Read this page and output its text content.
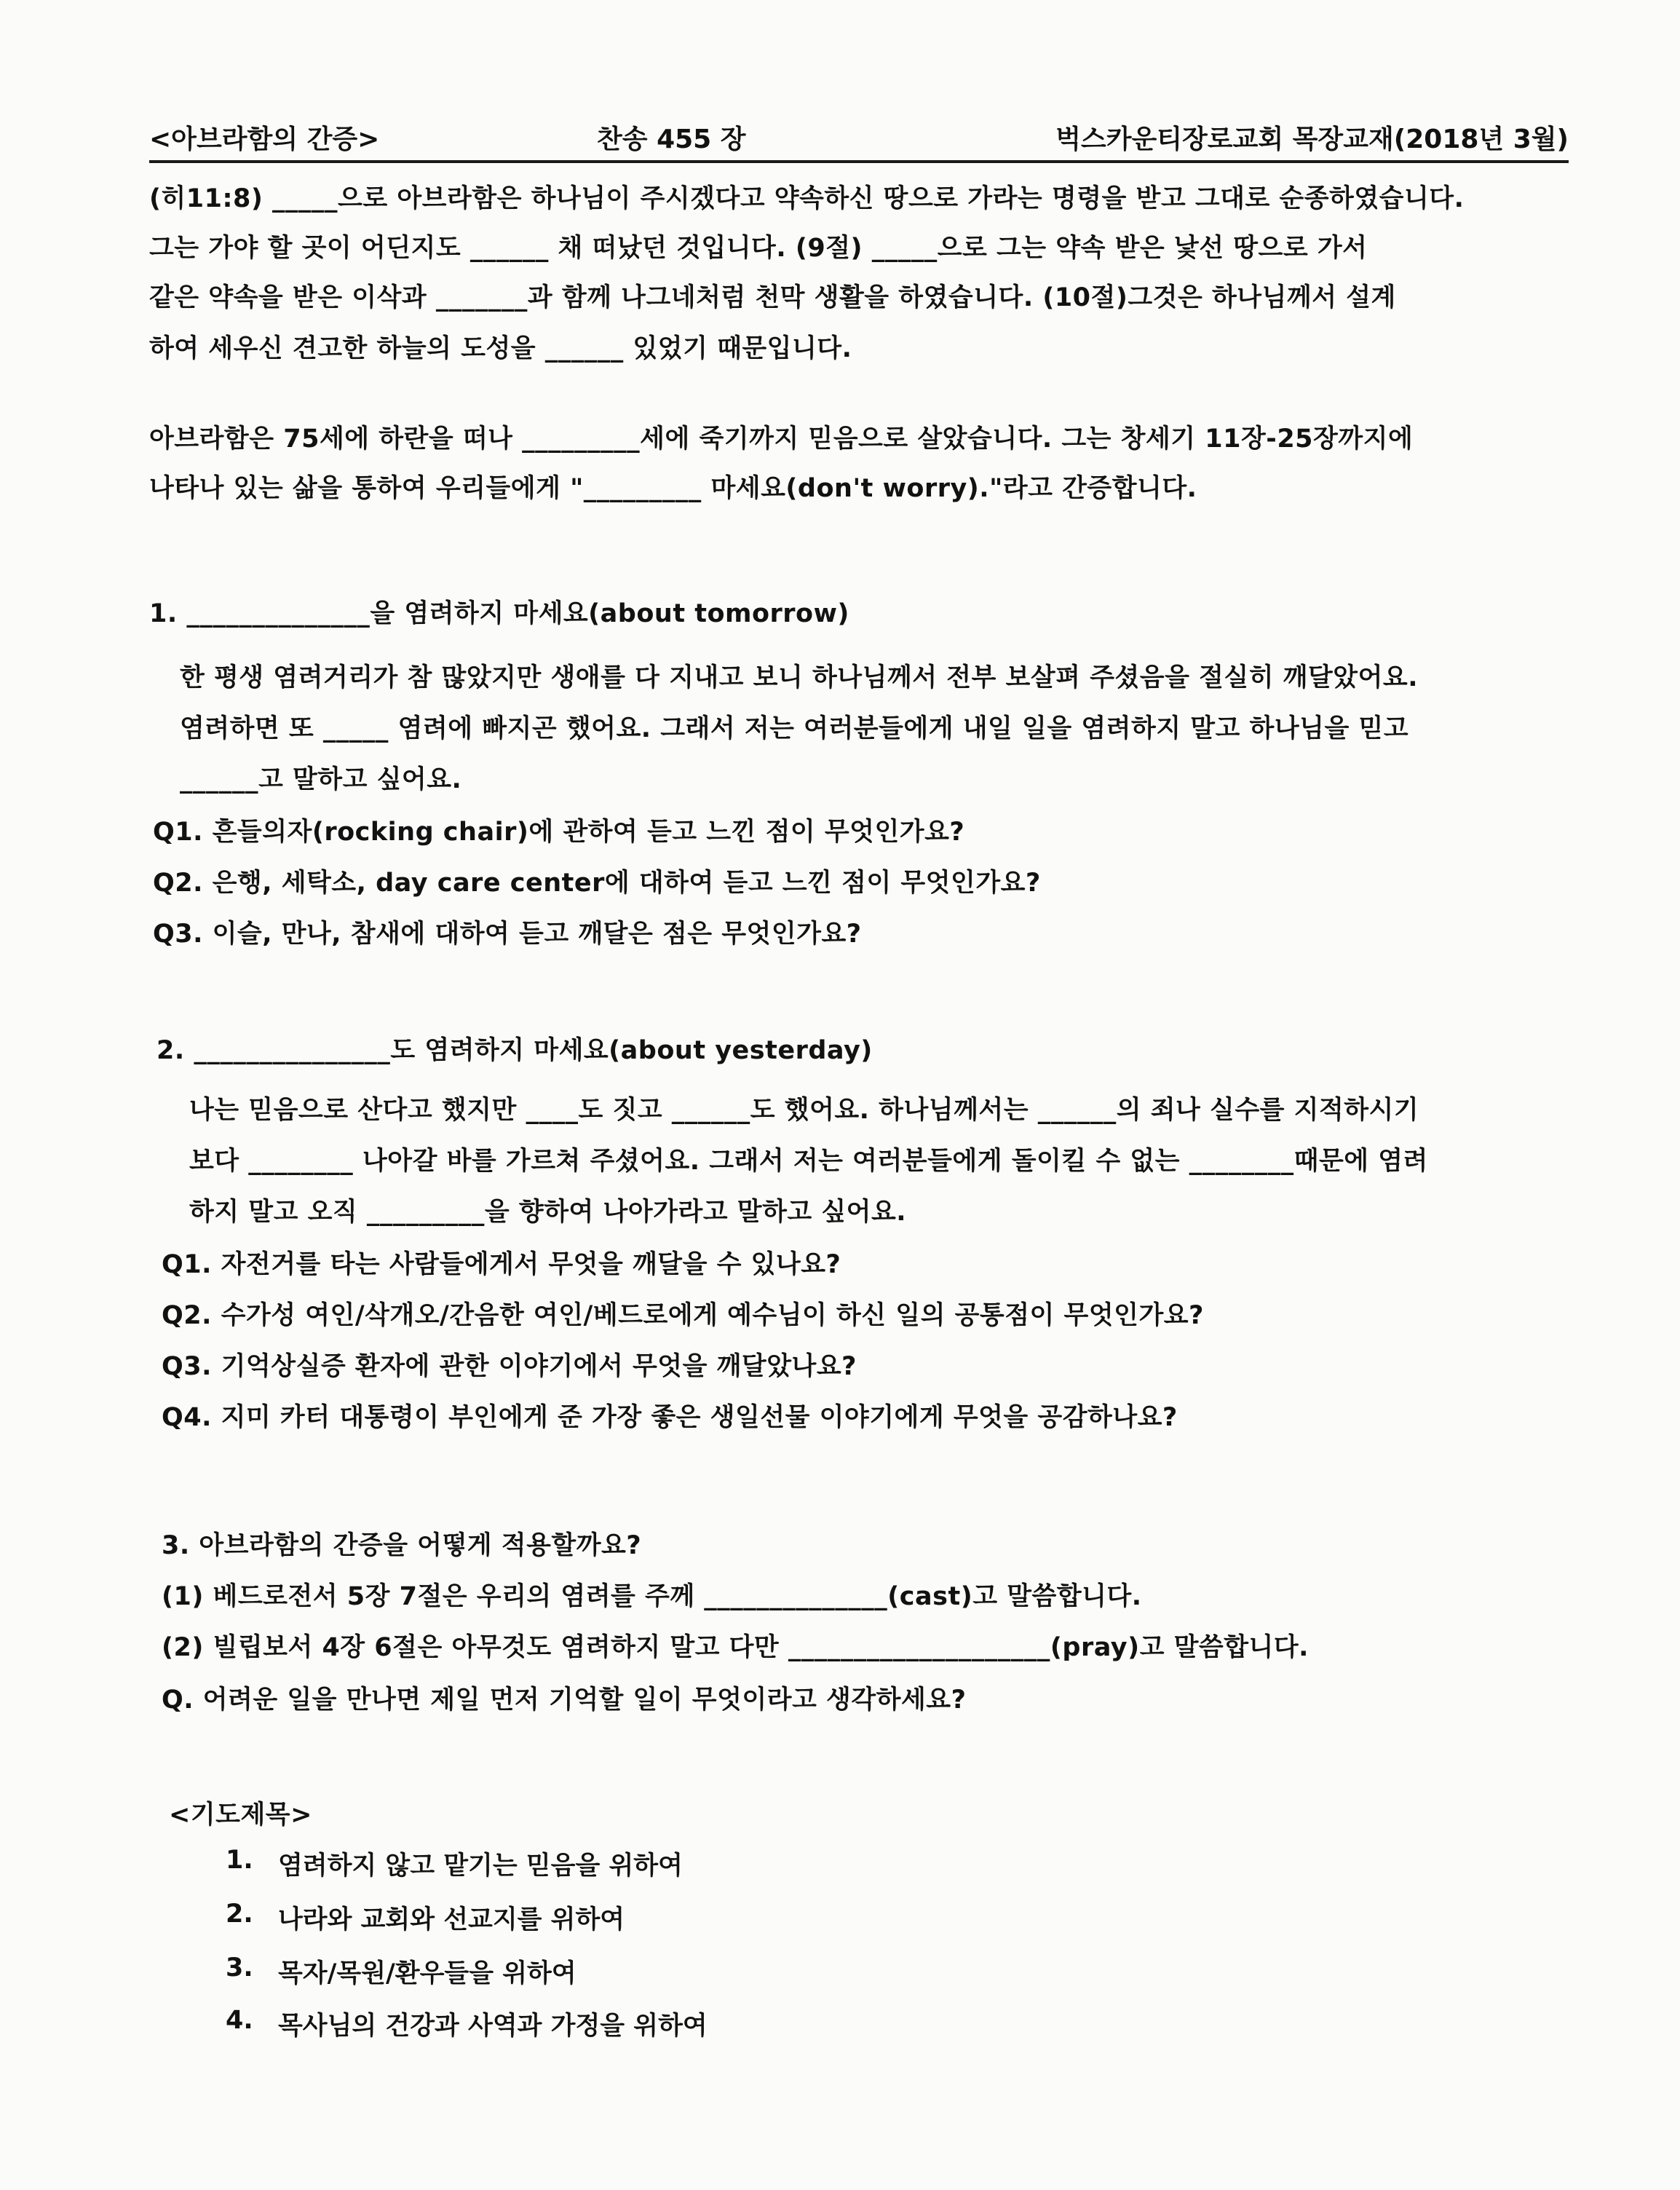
<아브라함의 간증>	찬송 455 장	벅스카운티장로교회 목장교재(2018년 3월)
(히11:8) _____으로 아브라함은 하나님이 주시겠다고 약속하신 땅으로 가라는 명령을 받고 그대로 순종하였습니다.
그는 가야 할 곳이 어딘지도 ______ 채 떠났던 것입니다. (9절) _____으로 그는 약속 받은 낯선 땅으로 가서
같은 약속을 받은 이삭과 _______과 함께 나그네처럼 천막 생활을 하였습니다. (10절)그것은 하나님께서 설계
하여 세우신 견고한 하늘의 도성을 ______ 있었기 때문입니다.
아브라함은 75세에 하란을 떠나 _________세에 죽기까지 믿음으로 살았습니다. 그는 창세기 11장-25장까지에
나타나 있는 삶을 통하여 우리들에게 "_________ 마세요(don't worry)."라고 간증합니다.
1. ______________을 염려하지 마세요(about tomorrow)
한 평생 염려거리가 참 많았지만 생애를 다 지내고 보니 하나님께서 전부 보살펴 주셨음을 절실히 깨달았어요.
염려하면 또 _____ 염려에 빠지곤 했어요. 그래서 저는 여러분들에게 내일 일을 염려하지 말고 하나님을 믿고
______고 말하고 싶어요.
Q1. 흔들의자(rocking chair)에 관하여 듣고 느낀 점이 무엇인가요?
Q2. 은행, 세탁소, day care center에 대하여 듣고 느낀 점이 무엇인가요?
Q3. 이슬, 만나, 참새에 대하여 듣고 깨달은 점은 무엇인가요?
2. _______________도 염려하지 마세요(about yesterday)
나는 믿음으로 산다고 했지만 ____도 짓고 ______도 했어요. 하나님께서는 ______의 죄나 실수를 지적하시기
보다 ________ 나아갈 바를 가르쳐 주셨어요. 그래서 저는 여러분들에게 돌이킬 수 없는 ________때문에 염려
하지 말고 오직 _________을 향하여 나아가라고 말하고 싶어요.
Q1. 자전거를 타는 사람들에게서 무엇을 깨달을 수 있나요?
Q2. 수가성 여인/삭개오/간음한 여인/베드로에게 예수님이 하신 일의 공통점이 무엇인가요?
Q3. 기억상실증 환자에 관한 이야기에서 무엇을 깨달았나요?
Q4. 지미 카터 대통령이 부인에게 준 가장 좋은 생일선물 이야기에게 무엇을 공감하나요?
3. 아브라함의 간증을 어떻게 적용할까요?
(1) 베드로전서 5장 7절은 우리의 염려를 주께 ______________(cast)고 말씀합니다.
(2) 빌립보서 4장 6절은 아무것도 염려하지 말고 다만 ____________________(pray)고 말씀합니다.
Q. 어려운 일을 만나면 제일 먼저 기억할 일이 무엇이라고 생각하세요?
<기도제목>
1. 염려하지 않고 맡기는 믿음을 위하여
2. 나라와 교회와 선교지를 위하여
3. 목자/목원/환우들을 위하여
4. 목사님의 건강과 사역과 가정을 위하여
